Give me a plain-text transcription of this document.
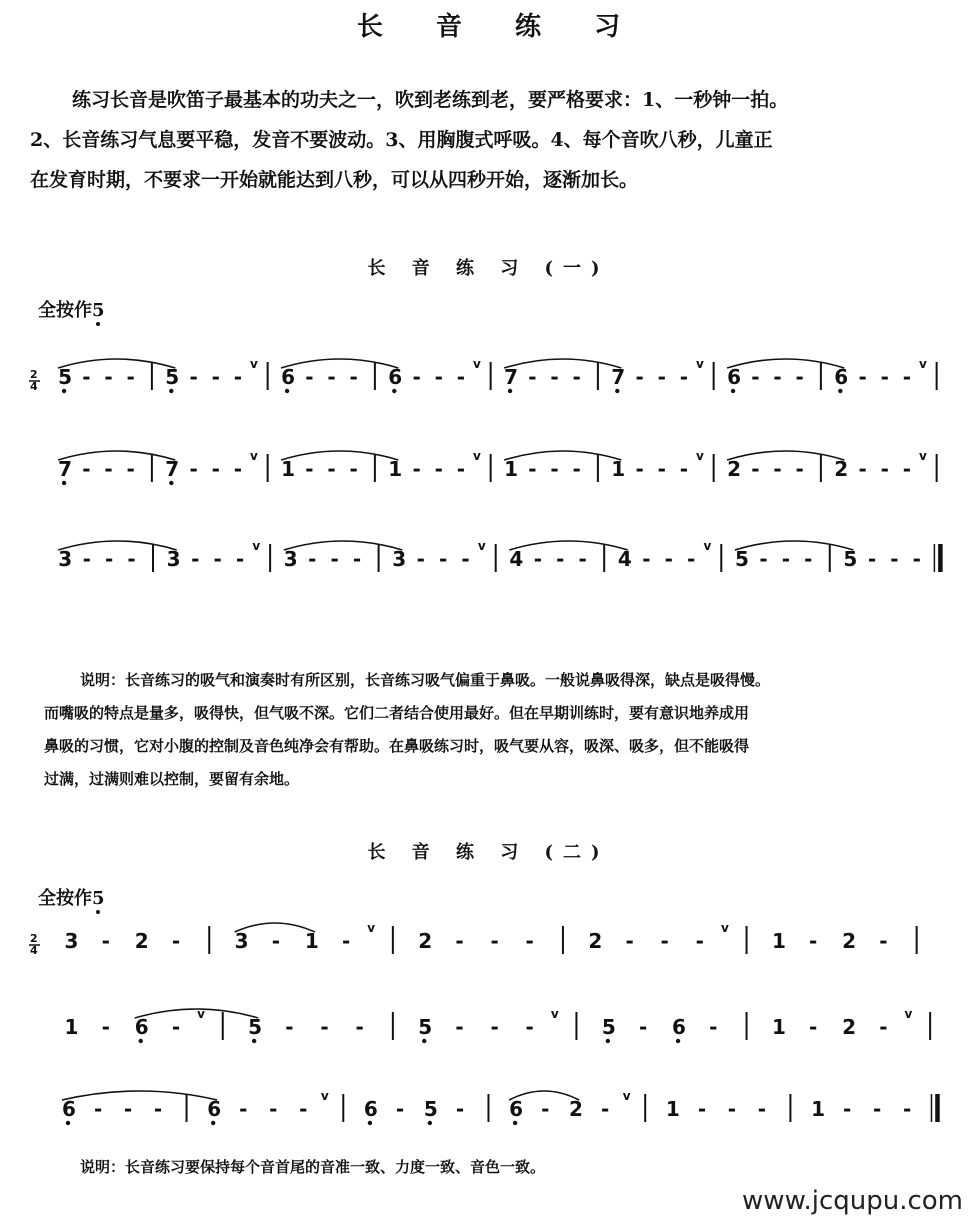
长 音 练 习

练习长音是吹笛子最基本的功夫之一，吹到老练到老，要严格要求：1、一秒钟一拍。

2、长音练习气息要平稳，发音不要波动。3、用胸腹式呼吸。4、每个音吹八秒，儿童正

在发育时期，不要求一开始就能达到八秒，可以从四秒开始，逐渐加长。

长 音 练 习 (一)
全按作5
2
4 5 - - - 5 - - -
v
6 - - - 6 - - -
v
7 - - - 7 - - -
v
6 - - - 6 - - -
v
7 - - - 7 - - -
v
1 - - - 1 - - -
v
1 - - - 1 - - -
v
2 - - - 2 - - -
v
3 - - - 3 - - -
v
3 - - - 3 - - -
v
4 - - - 4 - - -
v
5 - - - 5 - - -

说明：长音练习的吸气和演奏时有所区别，长音练习吸气偏重于鼻吸。一般说鼻吸得深，缺点是吸得慢。

而嘴吸的特点是量多，吸得快，但气吸不深。它们二者结合使用最好。但在早期训练时，要有意识地养成用

鼻吸的习惯，它对小腹的控制及音色纯净会有帮助。在鼻吸练习时，吸气要从容，吸深、吸多，但不能吸得

过满，过满则难以控制，要留有余地。

长 音 练 习 (二)
全按作5
2
4 3 - 2 -	3 - 1 -
v
2 - - -	2 - - -
v
1 - 2 -
1 - 6 -
v
5 - - -	5 - - -
v
5 - 6 -	1 - 2 -
v
6 - - - 6 - - -
v
6 - 5 - 6 - 2 -
v
1 - - - 1 - - -
说明：长音练习要保持每个音首尾的音准一致、力度一致、音色一致。
www.jcqupu.com
